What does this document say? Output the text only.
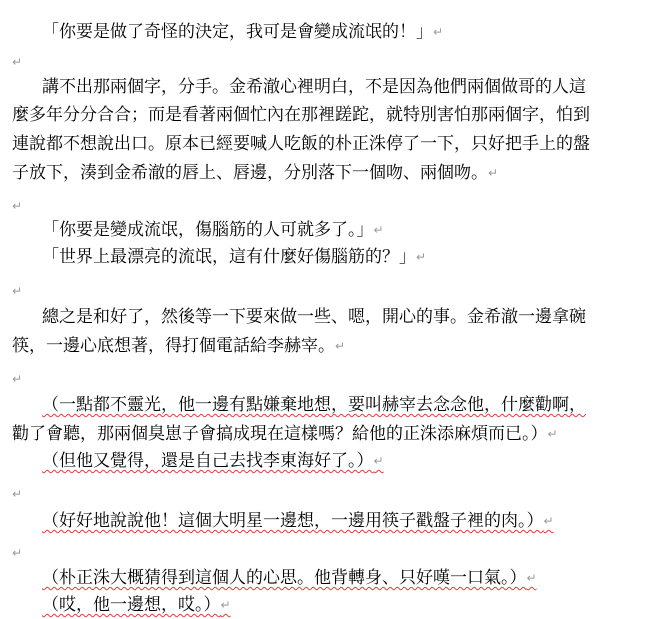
「你要是做了奇怪的決定，我可是會變成流氓的！」↵
↵
講不出那兩個字，分手。金希澈心裡明白，不是因為他們兩個做哥的人這
麼多年分分合合；而是看著兩個忙內在那裡蹉跎，就特別害怕那兩個字，怕到
連說都不想說出口。原本已經要喊人吃飯的朴正洙停了一下，只好把手上的盤
子放下，湊到金希澈的唇上、唇邊，分別落下一個吻、兩個吻。↵
↵
「你要是變成流氓，傷腦筋的人可就多了。」↵
「世界上最漂亮的流氓，這有什麼好傷腦筋的？」↵
↵
總之是和好了，然後等一下要來做一些、嗯，開心的事。金希澈一邊拿碗
筷，一邊心底想著，得打個電話給李赫宰。↵
↵
（一點都不靈光，他一邊有點嫌棄地想，要叫赫宰去念念他，什麼勸啊，
勸了會聽，那兩個臭崽子會搞成現在這樣嗎？給他的正洙添麻煩而已。）↵
（但他又覺得，還是自己去找李東海好了。）↵
↵
（好好地說說他！這個大明星一邊想，一邊用筷子戳盤子裡的肉。）↵
↵
（朴正洙大概猜得到這個人的心思。他背轉身、只好嘆一口氣。）↵
（哎，他一邊想，哎。）↵
